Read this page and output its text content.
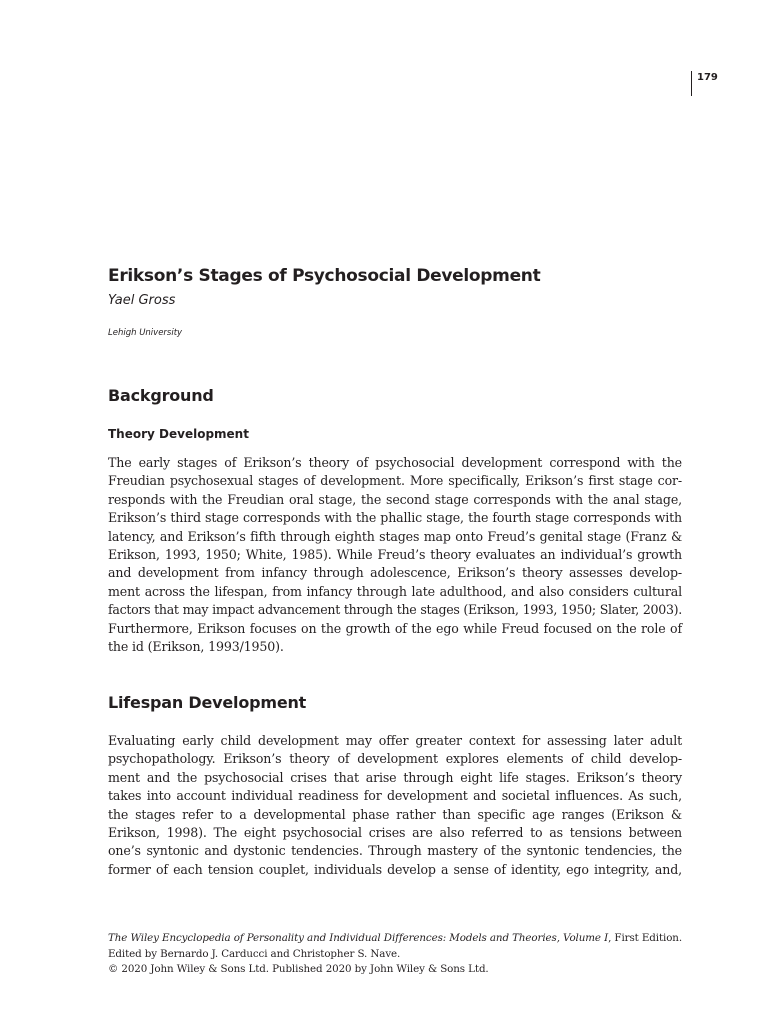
179
Erikson’s Stages of Psychosocial Development
Yael Gross
Lehigh University
Background
Theory Development

The early stages of Erikson’s theory of psychosocial development correspond with the
Freudian psychosexual stages of development. More specifically, Erikson’s first stage cor-
responds with the Freudian oral stage, the second stage corresponds with the anal stage,
Erikson’s third stage corresponds with the phallic stage, the fourth stage corresponds with
latency, and Erikson’s fifth through eighth stages map onto Freud’s genital stage (Franz &
Erikson, 1993, 1950; White, 1985). While Freud’s theory evaluates an individual’s growth
and development from infancy through adolescence, Erikson’s theory assesses develop-
ment across the lifespan, from infancy through late adulthood, and also considers cultural
factors that may impact advancement through the stages (Erikson, 1993, 1950; Slater, 2003).
Furthermore, Erikson focuses on the growth of the ego while Freud focused on the role of
the id (Erikson, 1993/1950).

Lifespan Development

Evaluating early child development may offer greater context for assessing later adult
psychopathology. Erikson’s theory of development explores elements of child develop-
ment and the psychosocial crises that arise through eight life stages. Erikson’s theory
takes into account individual readiness for development and societal influences. As such,
the stages refer to a developmental phase rather than specific age ranges (Erikson &
Erikson, 1998). The eight psychosocial crises are also referred to as tensions between
one’s syntonic and dystonic tendencies. Through mastery of the syntonic tendencies, the
former of each tension couplet, individuals develop a sense of identity, ego integrity, and,

The Wiley Encyclopedia of Personality and Individual Differences: Models and Theories, Volume I, First Edition.
Edited by Bernardo J. Carducci and Christopher S. Nave.
© 2020 John Wiley & Sons Ltd. Published 2020 by John Wiley & Sons Ltd.
